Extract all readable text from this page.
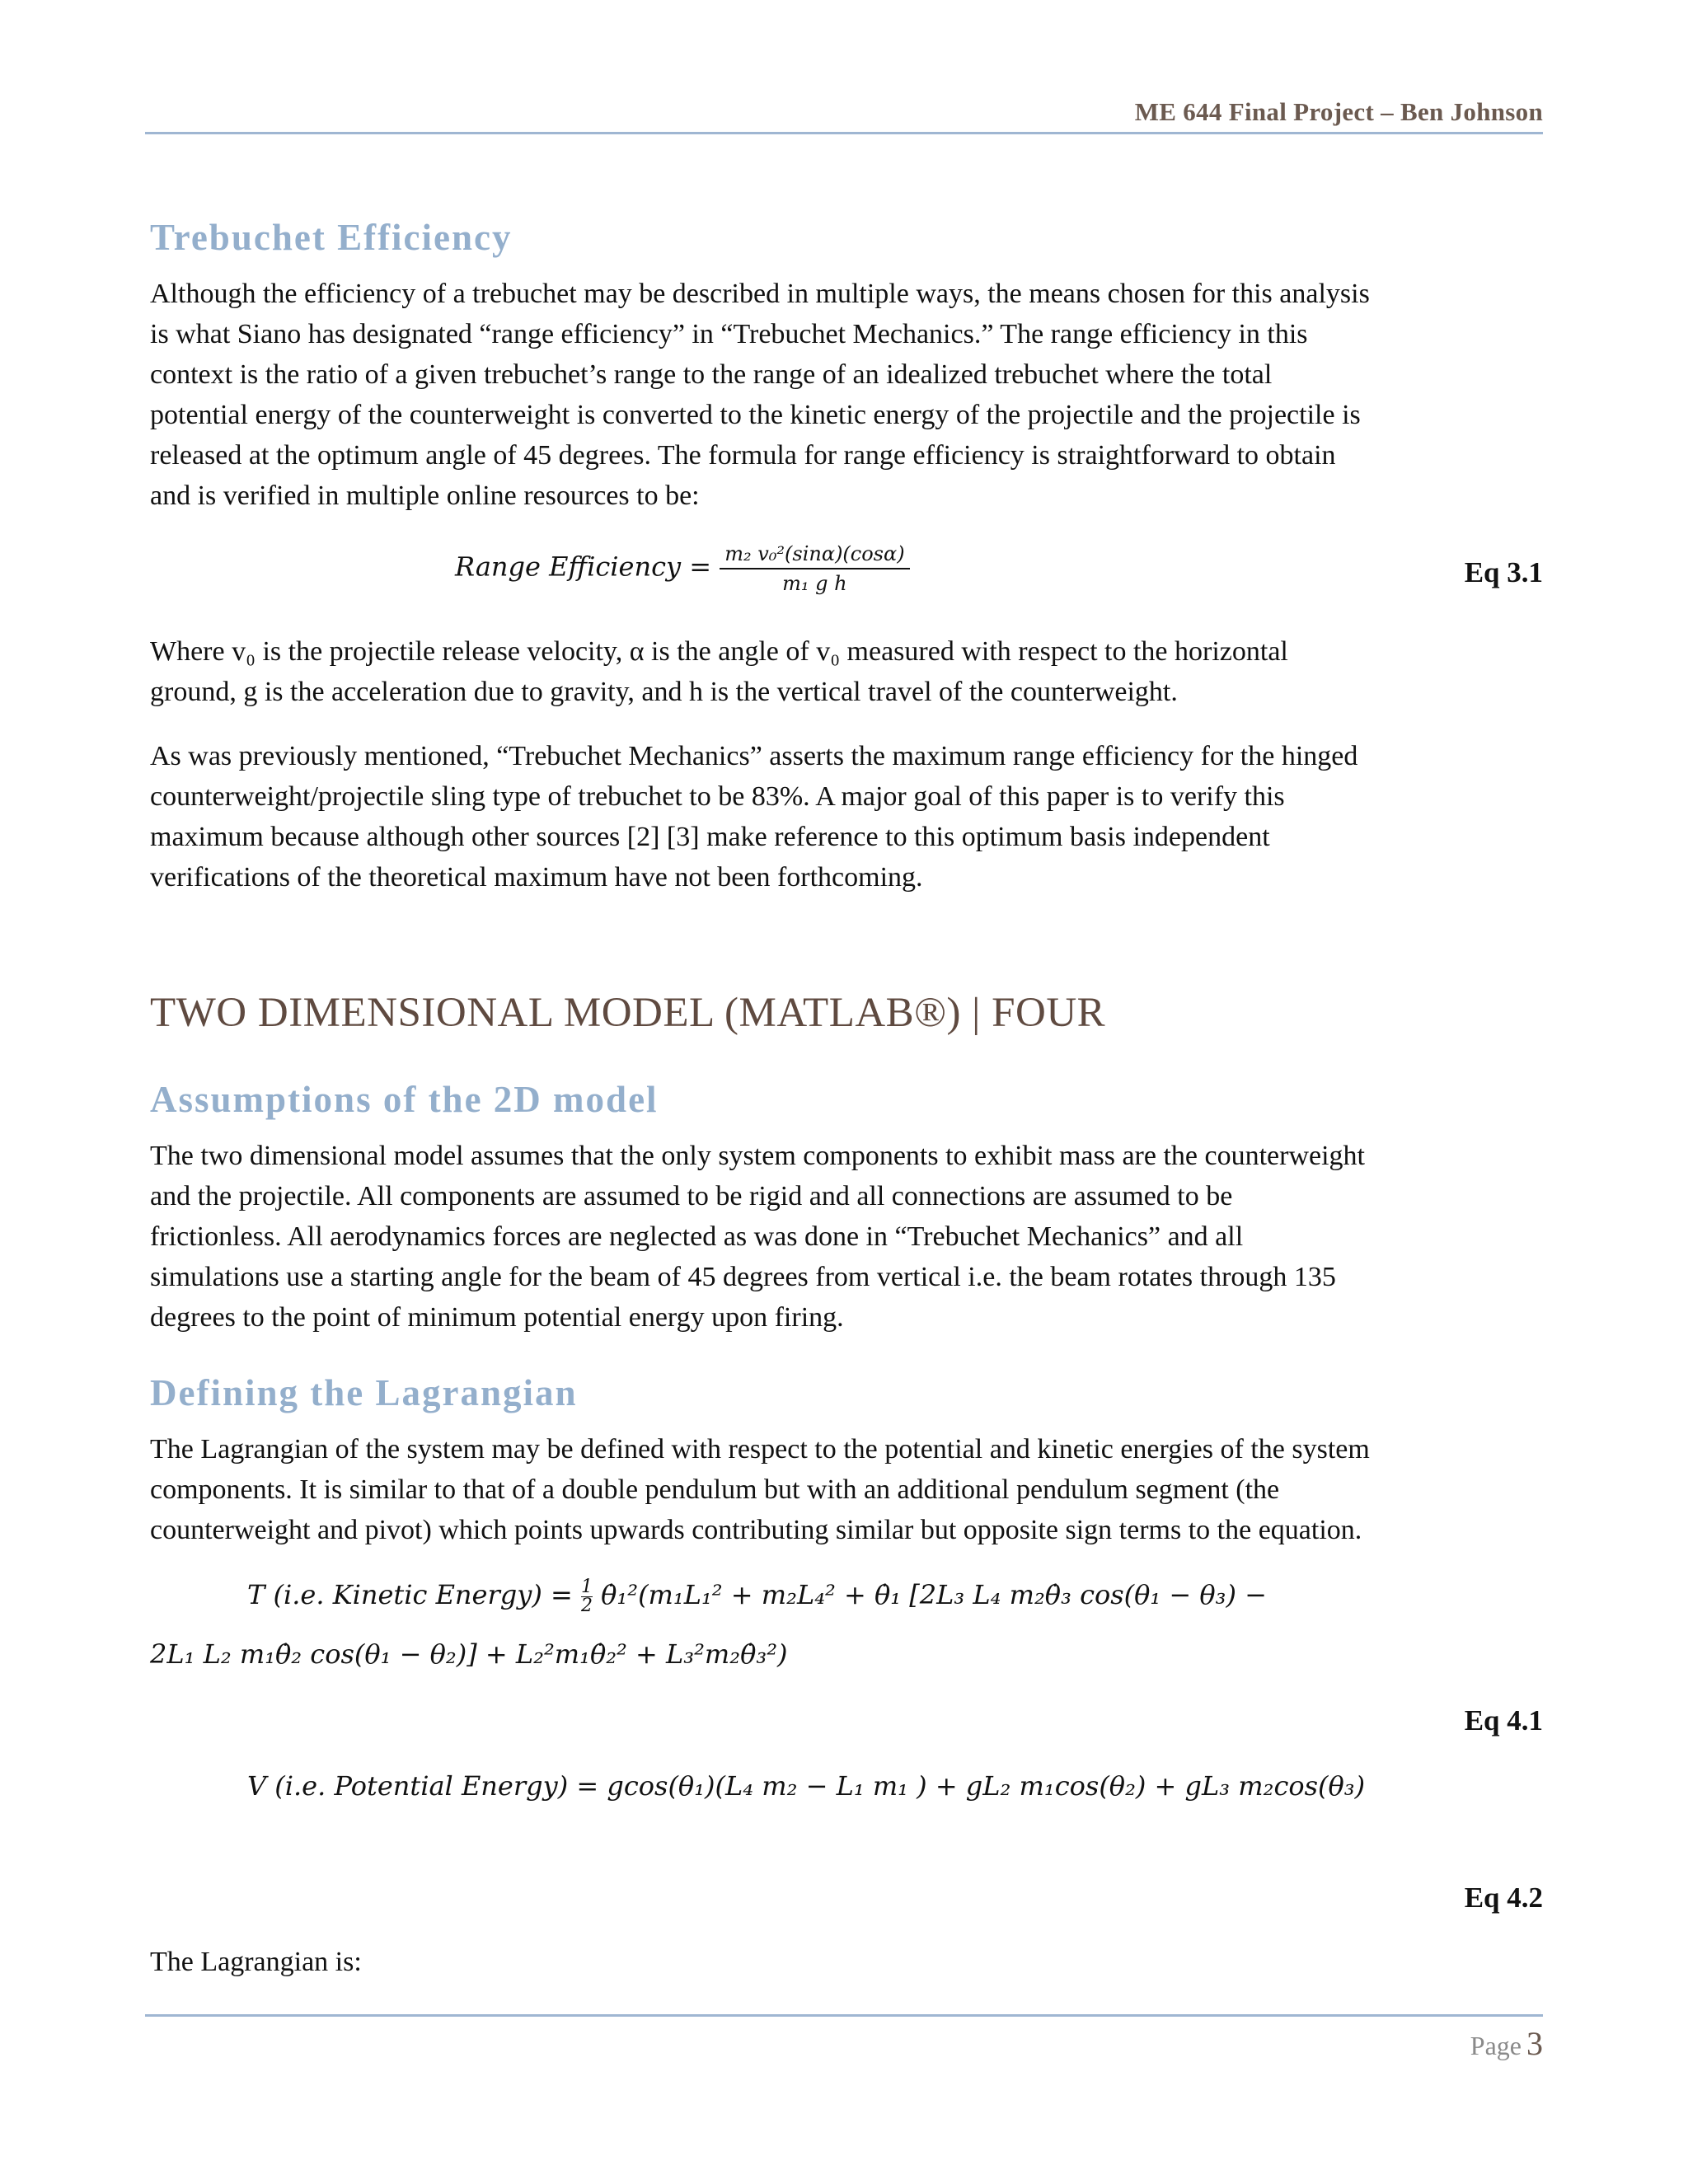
ME 644 Final Project – Ben Johnson
Trebuchet Efficiency
Although the efficiency of a trebuchet may be described in multiple ways, the means chosen for this analysis
is what Siano has designated “range efficiency” in “Trebuchet Mechanics.” The range efficiency in this
context is the ratio of a given trebuchet’s range to the range of an idealized trebuchet where the total
potential energy of the counterweight is converted to the kinetic energy of the projectile and the projectile is
released at the optimum angle of 45 degrees. The formula for range efficiency is straightforward to obtain
and is verified in multiple online resources to be:
Range Efficiency = $\frac{\text{m₂ v₀²(sinα)(cosα)}}{\text{m₁ g h}}$	Eq 3.1
Where v₀ is the projectile release velocity, α is the angle of v₀ measured with respect to the horizontal
ground, g is the acceleration due to gravity, and h is the vertical travel of the counterweight.
As was previously mentioned, “Trebuchet Mechanics” asserts the maximum range efficiency for the hinged
counterweight/projectile sling type of trebuchet to be 83%. A major goal of this paper is to verify this
maximum because although other sources [2] [3] make reference to this optimum basis independent
verifications of the theoretical maximum have not been forthcoming.
TWO DIMENSIONAL MODEL (MATLAB®) | FOUR
Assumptions of the 2D model
The two dimensional model assumes that the only system components to exhibit mass are the counterweight
and the projectile. All components are assumed to be rigid and all connections are assumed to be
frictionless. All aerodynamics forces are neglected as was done in “Trebuchet Mechanics” and all
simulations use a starting angle for the beam of 45 degrees from vertical i.e. the beam rotates through 135
degrees to the point of minimum potential energy upon firing.
Defining the Lagrangian
The Lagrangian of the system may be defined with respect to the potential and kinetic energies of the system
components. It is similar to that of a double pendulum but with an additional pendulum segment (the
counterweight and pivot) which points upwards contributing similar but opposite sign terms to the equation.
T (i.e. Kinetic Energy) = $\frac{1}{2}$ θ̇₁²(m₁L₁² + m₂L₄² + θ̇₁ [2L₃ L₄ m₂θ̇₃ cos(θ₁ − θ₃) −
2L₁ L₂ m₁θ̇₂ cos(θ₁ − θ₂)] + L₂²m₁θ̇₂² + L₃²m₂θ̇₃²)
Eq 4.1
V (i.e. Potential Energy) = gcos(θ₁)(L₄ m₂ − L₁ m₁ ) + gL₂ m₁cos(θ₂) + gL₃ m₂cos(θ₃)
Eq 4.2
The Lagrangian is:
Page 3
